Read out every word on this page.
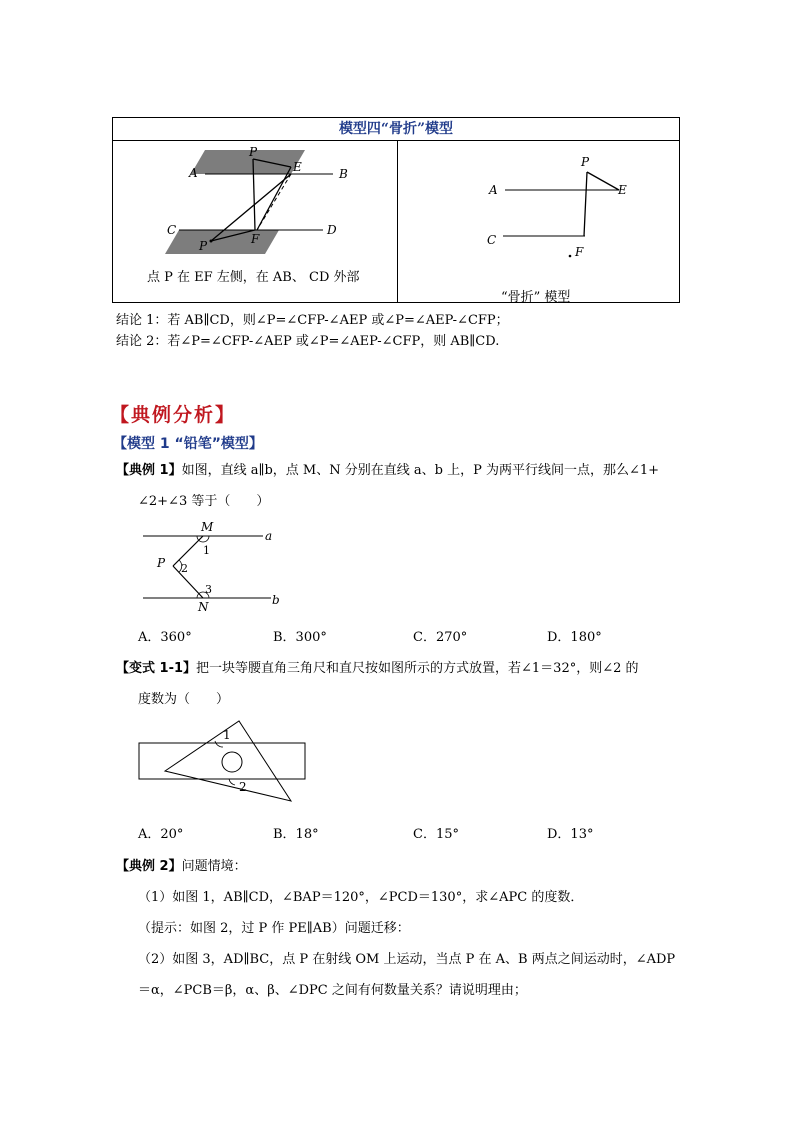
模型四“骨折”模型
P
E
A	B
C	D
P	F
点 P 在 EF 左侧，在 AB、 CD 外部
P
E
A
C
F
“骨折” 模型
结论 1：若 AB∥CD，则∠P=∠CFP-∠AEP 或∠P=∠AEP-∠CFP；
结论 2：若∠P=∠CFP-∠AEP 或∠P=∠AEP-∠CFP，则 AB∥CD.
【典例分析】
【模型 1 “铅笔”模型】
【典例 1】如图，直线 a∥b，点 M、N 分别在直线 a、b 上，P 为两平行线间一点，那么∠1+
∠2+∠3 等于（　　）
M
a
1
P 2
3
b
N
A．360°	B．300°	C．270°	D．180°
【变式 1-1】把一块等腰直角三角尺和直尺按如图所示的方式放置，若∠1＝32°，则∠2 的
度数为（　　）
1
2
A．20°	B．18°	C．15°	D．13°
【典例 2】问题情境：
（1）如图 1，AB∥CD，∠BAP＝120°，∠PCD＝130°，求∠APC 的度数．
（提示：如图 2，过 P 作 PE∥AB）问题迁移：
（2）如图 3，AD∥BC，点 P 在射线 OM 上运动，当点 P 在 A、B 两点之间运动时，∠ADP
＝α，∠PCB＝β，α、β、∠DPC 之间有何数量关系？请说明理由；
